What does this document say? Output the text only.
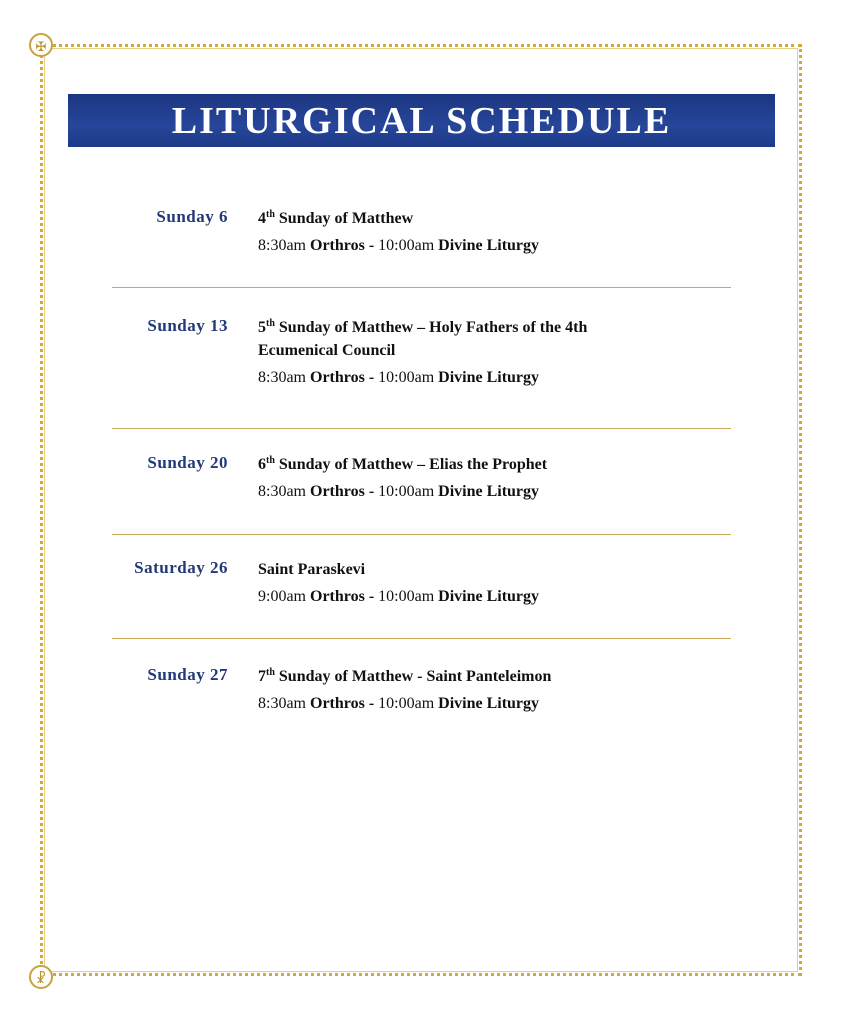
✠
☧
LITURGICAL SCHEDULE
Sunday 6 4th Sunday of Matthew
8:30am Orthros - 10:00am Divine Liturgy
Sunday 13 5th Sunday of Matthew – Holy Fathers of the 4th Ecumenical Council
8:30am Orthros - 10:00am Divine Liturgy
Sunday 20 6th Sunday of Matthew – Elias the Prophet
8:30am Orthros - 10:00am Divine Liturgy
Saturday 26 Saint Paraskevi
9:00am Orthros - 10:00am Divine Liturgy
Sunday 27 7th Sunday of Matthew - Saint Panteleimon
8:30am Orthros - 10:00am Divine Liturgy
